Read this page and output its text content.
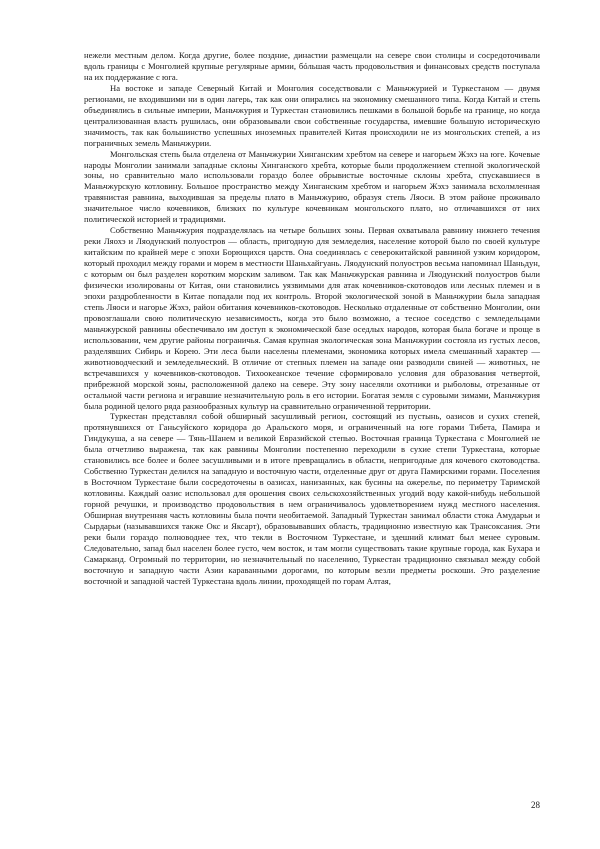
нежели местным делом. Когда другие, более поздние, династии размещали на севере свои столицы и сосредоточивали вдоль границы с Монголией крупные регулярные армии, бóльшая часть продовольствия и финансовых средств поступала на их поддержание с юга.

На востоке и западе Северный Китай и Монголия соседствовали с Маньчжурией и Туркестаном — двумя регионами, не входившими ни в один лагерь, так как они опирались на экономику смешанного типа. Когда Китай и степь объединялись в сильные империи, Маньчжурия и Туркестан становились пешками в большой борьбе на границе, но когда централизованная власть рушилась, они образовывали свои собственные государства, имевшие большую историческую значимость, так как большинство успешных иноземных правителей Китая происходили не из монгольских степей, а из пограничных земель Маньчжурии.

Монгольская степь была отделена от Маньчжурии Хинганским хребтом на севере и нагорьем Жэхэ на юге. Кочевые народы Монголии занимали западные склоны Хинганского хребта, которые были продолжением степной экологической зоны, но сравнительно мало использовали гораздо более обрывистые восточные склоны хребта, спускавшиеся в Маньчжурскую котловину. Большое пространство между Хинганским хребтом и нагорьем Жэхэ занимала всхолмленная травянистая равнина, выходившая за пределы плато в Маньчжурию, образуя степь Ляоси. В этом районе проживало значительное число кочевников, близких по культуре кочевникам монгольского плато, но отличавшихся от них политической историей и традициями.

Собственно Маньчжурия подразделялась на четыре больших зоны. Первая охватывала равнину нижнего течения реки Ляохэ и Ляодунский полуостров — область, пригодную для земледелия, население которой было по своей культуре китайским по крайней мере с эпохи Борющихся царств. Она соединялась с северокитайской равниной узким коридором, который проходил между горами и морем в местности Шаньхайгуань. Ляодунский полуостров весьма напоминал Шаньдун, с которым он был разделен коротким морским заливом. Так как Маньчжурская равнина и Ляодунский полуостров были физически изолированы от Китая, они становились уязвимыми для атак кочевников-скотоводов или лесных племен и в эпохи раздробленности в Китае попадали под их контроль. Второй экологической зоной в Маньчжурии была западная степь Ляоси и нагорье Жэхэ, район обитания кочевников-скотоводов. Несколько отдаленные от собственно Монголии, они провозглашали свою политическую независимость, когда это было возможно, а тесное соседство с земледельцами маньчжурской равнины обеспечивало им доступ к экономической базе оседлых народов, которая была богаче и проще в использовании, чем другие районы пограничья. Самая крупная экологическая зона Маньчжурии состояла из густых лесов, разделявших Сибирь и Корею. Эти леса были населены племенами, экономика которых имела смешанный характер — животноводческий и земледельческий. В отличие от степных племен на западе они разводили свиней — животных, не встречавшихся у кочевников-скотоводов. Тихоокеанское течение сформировало условия для образования четвертой, прибрежной морской зоны, расположенной далеко на севере. Эту зону населяли охотники и рыболовы, отрезанные от остальной части региона и игравшие незначительную роль в его истории. Богатая земля с суровыми зимами, Маньчжурия была родиной целого ряда разнообразных культур на сравнительно ограниченной территории.

Туркестан представлял собой обширный засушливый регион, состоящий из пустынь, оазисов и сухих степей, протянувшихся от Ганьсуйского коридора до Аральского моря, и ограниченный на юге горами Тибета, Памира и Гиндукуша, а на севере — Тянь-Шанем и великой Евразийской степью. Восточная граница Туркестана с Монголией не была отчетливо выражена, так как равнины Монголии постепенно переходили в сухие степи Туркестана, которые становились все более и более засушливыми и в итоге превращались в области, непригодные для кочевого скотоводства. Собственно Туркестан делился на западную и восточную части, отделенные друг от друга Памирскими горами. Поселения в Восточном Туркестане были сосредоточены в оазисах, нанизанных, как бусины на ожерелье, по периметру Таримской котловины. Каждый оазис использовал для орошения своих сельскохозяйственных угодий воду какой-нибудь небольшой горной речушки, и производство продовольствия в нем ограничивалось удовлетворением нужд местного населения. Обширная внутренняя часть котловины была почти необитаемой. Западный Туркестан занимал области стока Амударьи и Сырдарьи (называвшихся также Окс и Яксарт), образовывавших область, традиционно известную как Трансоксания. Эти реки были гораздо полноводнее тех, что текли в Восточном Туркестане, и здешний климат был менее суровым. Следовательно, запад был населен более густо, чем восток, и там могли существовать такие крупные города, как Бухара и Самарканд. Огромный по территории, но незначительный по населению, Туркестан традиционно связывал между собой восточную и западную части Азии караванными дорогами, по которым везли предметы роскоши. Это разделение восточной и западной частей Туркестана вдоль линии, проходящей по горам Алтая,

28
